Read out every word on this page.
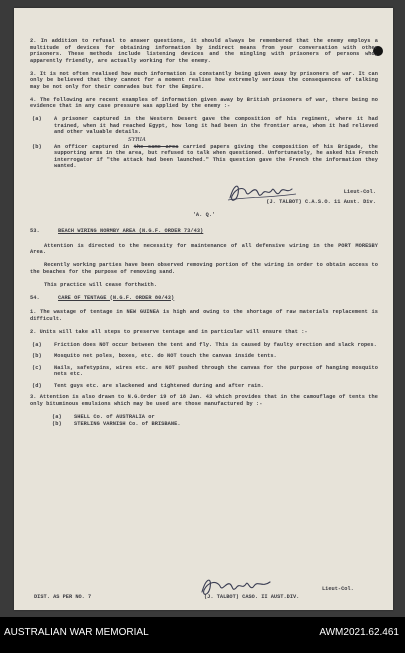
2. In addition to refusal to answer questions, it should always be remembered that the enemy employs a multitude of devices for obtaining information by indirect means from your conversation with other prisoners. These methods include listening devices and the mingling with prisoners of persons who, apparently friendly, are actually working for the enemy.

3. It is not often realised how much information is constantly being given away by prisoners of war. It can only be believed that they cannot for a moment realise how extremely serious the consequences of talking may be not only for their comrades but for the Empire.

4. The following are recent examples of information given away by British prisoners of war, there being no evidence that in any case pressure was applied by the enemy :-

(a)	A prisoner captured in the Western Desert gave the composition of his regiment, where it had trained, when it had reached Egypt, how long it had been in the frontier area, whom it had relieved and other valuable details.
SYRIA
(b)	An officer captured in the same area carried papers giving the composition of his Brigade, the supporting arms in the area, but refused to talk when questioned. Unfortunately, he asked his French interrogator if "the attack had been launched." This question gave the French the information they wanted.
Lieut-Col.
(J. TALBOT) C.A.S.O. 11 Aust. Div.
'A. Q.'
53.	BEACH WIRING NORMBY AREA (N.G.F. ORDER 73/43)

Attention is directed to the necessity for maintenance of all defensive wiring in the PORT MORESBY Area.

Recently working parties have been observed removing portion of the wiring in order to obtain access to the beaches for the purpose of removing sand.

This practice will cease forthwith.

54.	CARE OF TENTAGE (N.G.F. ORDER 80/43)

1. The wastage of tentage in NEW GUINEA is high and owing to the shortage of raw materials replacement is difficult.

2. Units will take all steps to preserve tentage and in particular will ensure that :-

(a)	Friction does NOT occur between the tent and fly. This is caused by faulty erection and slack ropes.
(b)	Mosquito net poles, boxes, etc. do NOT touch the canvas inside tents.
(c)	Nails, safetypins, wires etc. are NOT pushed through the canvas for the purpose of hanging mosquito nets etc.
(d)	Tent guys etc. are slackened and tightened during and after rain.

3. Attention is also drawn to N.G.Order 19 of 18 Jan. 43 which provides that in the camouflage of tents the only bituminous emulsions which may be used are those manufactured by :-

(a)	SHELL Co. of AUSTRALIA or
(b)	STERLING VARNISH Co. of BRISBANE.
Lieut-Col.
DIST. AS PER NO. 7	(J. TALBOT) CASO. II AUST.DIV.
AUSTRALIAN WAR MEMORIAL	AWM2021.62.461
